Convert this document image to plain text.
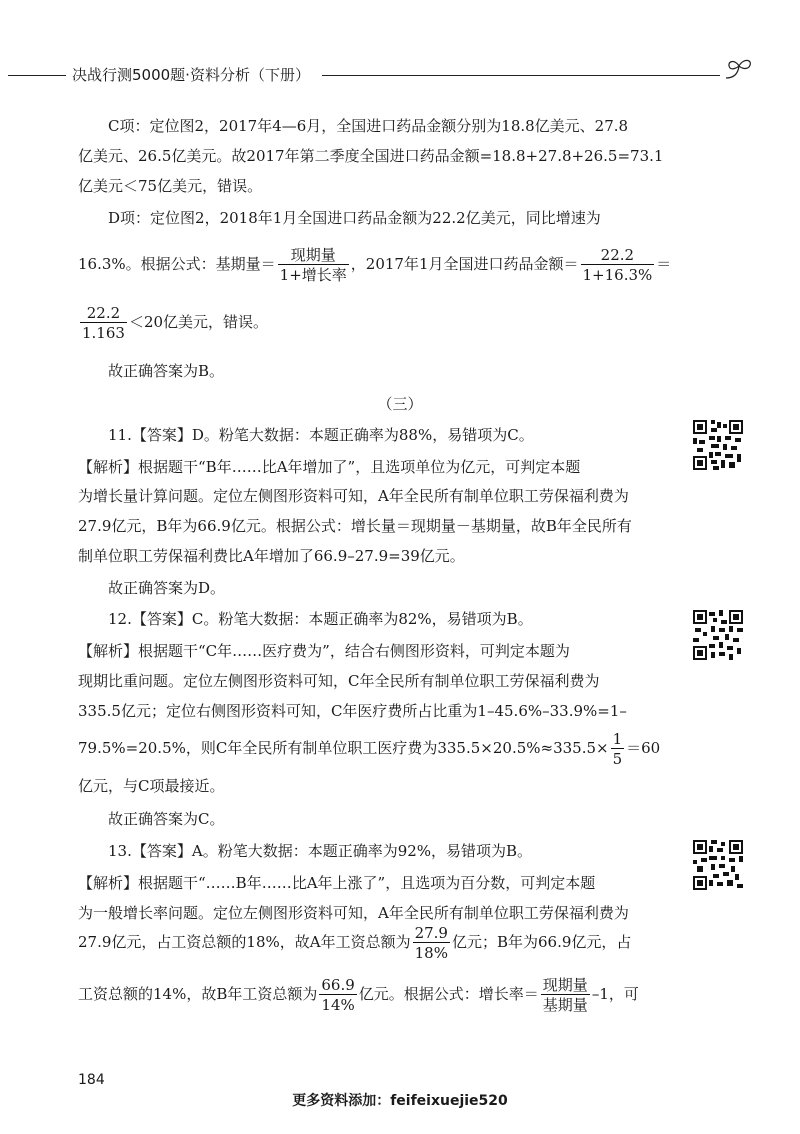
决战行测5000题·资料分析（下册）
C项：定位图2，2017年4—6月，全国进口药品金额分别为18.8亿美元、27.8
亿美元、26.5亿美元。故2017年第二季度全国进口药品金额=18.8+27.8+26.5=73.1
亿美元＜75亿美元，错误。
D项：定位图2，2018年1月全国进口药品金额为22.2亿美元，同比增速为
16.3%。根据公式：基期量＝ $\frac{\text{现期量}}{\text{1+增长率}}$ ，2017年1月全国进口药品金额＝ $\frac{22.2}{1+16.3\%}$ ＝
$\frac{22.2}{1.163} <20$亿美元，错误。
故正确答案为B。
（三）
11.【答案】D。粉笔大数据：本题正确率为88%，易错项为C。
【解析】根据题干“B年……比A年增加了”，且选项单位为亿元，可判定本题
为增长量计算问题。定位左侧图形资料可知，A年全民所有制单位职工劳保福利费为
27.9亿元，B年为66.9亿元。根据公式：增长量＝现期量－基期量，故B年全民所有
制单位职工劳保福利费比A年增加了66.9–27.9=39亿元。
故正确答案为D。
12.【答案】C。粉笔大数据：本题正确率为82%，易错项为B。
【解析】根据题干“C年……医疗费为”，结合右侧图形资料，可判定本题为
现期比重问题。定位左侧图形资料可知，C年全民所有制单位职工劳保福利费为
335.5亿元；定位右侧图形资料可知，C年医疗费所占比重为1–45.6%–33.9%=1–
79.5%=20.5%，则C年全民所有制单位职工医疗费为$335.5\times 20.5\%\approx 335.5\times \frac{1}{5} =60$
亿元，与C项最接近。
故正确答案为C。
13.【答案】A。粉笔大数据：本题正确率为92%，易错项为B。
【解析】根据题干“……B年……比A年上涨了”，且选项为百分数，可判定本题
为一般增长率问题。定位左侧图形资料可知，A年全民所有制单位职工劳保福利费为
27.9亿元，占工资总额的18%，故A年工资总额为 $\frac{27.9}{18\%}$ 亿元；B年为66.9亿元，占
工资总额的14%，故B年工资总额为 $\frac{66.9}{14\%}$ 亿元。根据公式：增长率＝ $\frac{\text{现期量}}{\text{基期量}} -1$，可
184
更多资料添加：feifeixuejie520
